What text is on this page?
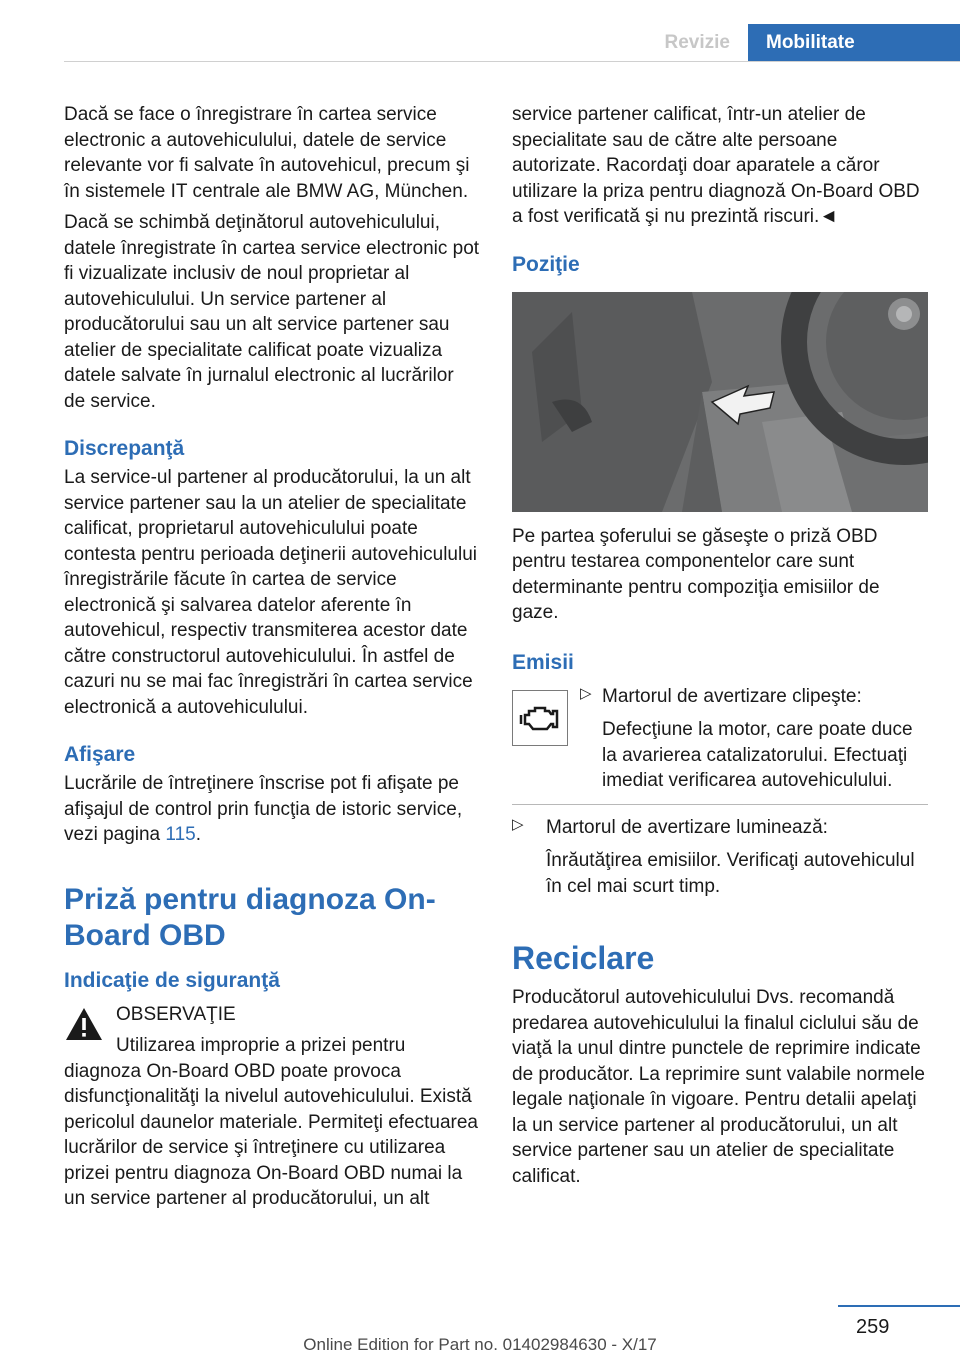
Revizie	Mobilitate

Dacă se face o înregistrare în cartea service electronic a autovehiculului, datele de service relevante vor fi salvate în autovehicul, precum şi în sistemele IT centrale ale BMW AG, München.

Dacă se schimbă deţinătorul autovehiculului, datele înregistrate în cartea service electronic pot fi vizualizate inclusiv de noul proprietar al autovehiculului. Un service partener al producătorului sau un alt service partener sau atelier de specialitate calificat poate vizualiza datele salvate în jurnalul electronic al lucrărilor de service.

Discrepanţă

La service-ul partener al producătorului, la un alt service partener sau la un atelier de specialitate calificat, proprietarul autovehiculului poate contesta pentru perioada deţinerii autovehiculului înregistrările făcute în cartea de service electronică şi salvarea datelor aferente în autovehicul, respectiv transmiterea acestor date către constructorul autovehiculului. În astfel de cazuri nu se mai fac înregistrări în cartea service electronică a autovehiculului.

Afişare

Lucrările de întreţinere înscrise pot fi afişate pe afişajul de control prin funcţia de istoric service, vezi pagina 115.

Priză pentru diagnoza On-Board OBD
Indicaţie de siguranţă

OBSERVAŢIE

Utilizarea improprie a prizei pentru diagnoza On-Board OBD poate provoca disfuncţionalităţi la nivelul autovehiculului. Există pericolul daunelor materiale. Permiteţi efectuarea lucrărilor de service şi întreţinere cu utilizarea prizei pentru diagnoza On-Board OBD numai la un service partener al producătorului, un alt

service partener calificat, într-un atelier de specialitate sau de către alte persoane autorizate. Racordaţi doar aparatele a căror utilizare la priza pentru diagnoză On-Board OBD a fost verificată şi nu prezintă riscuri.◄

Poziţie

Pe partea şoferului se găseşte o priză OBD pentru testarea componentelor care sunt determinante pentru compoziţia emisiilor de gaze.

Emisii
▷ Martorul de avertizare clipeşte:

Defecţiune la motor, care poate duce la avarierea catalizatorului. Efectuaţi imediat verificarea autovehiculului.

▷ Martorul de avertizare luminează:

Înrăutăţirea emisiilor. Verificaţi autovehiculul în cel mai scurt timp.

Reciclare

Producătorul autovehiculului Dvs. recomandă predarea autovehiculului la finalul ciclului său de viaţă la unul dintre punctele de reprimire indicate de producător. La reprimire sunt valabile normele legale naţionale în vigoare. Pentru detalii apelaţi la un service partener al producătorului, un alt service partener sau un atelier de specialitate calificat.

259
Online Edition for Part no. 01402984630 - X/17
